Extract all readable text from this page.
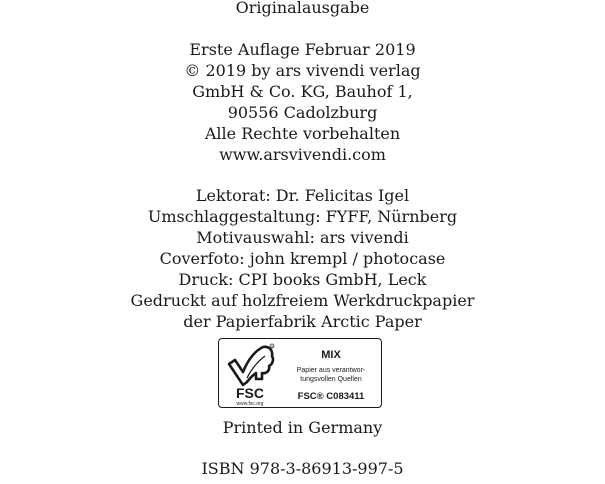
Originalausgabe
Erste Auflage Februar 2019
© 2019 by ars vivendi verlag
GmbH & Co. KG, Bauhof 1,
90556 Cadolzburg
Alle Rechte vorbehalten
www.arsvivendi.com
Lektorat: Dr. Felicitas Igel
Umschlaggestaltung: FYFF, Nürnberg
Motivauswahl: ars vivendi
Coverfoto: john krempl / photocase
Druck: CPI books GmbH, Leck
Gedruckt auf holzfreiem Werkdruckpapier
der Papierfabrik Arctic Paper
R
FSC
www.fsc.org
MIX
Papier aus verantwor-
tungsvollen Quellen
FSC® C083411
Printed in Germany
ISBN 978-3-86913-997-5
